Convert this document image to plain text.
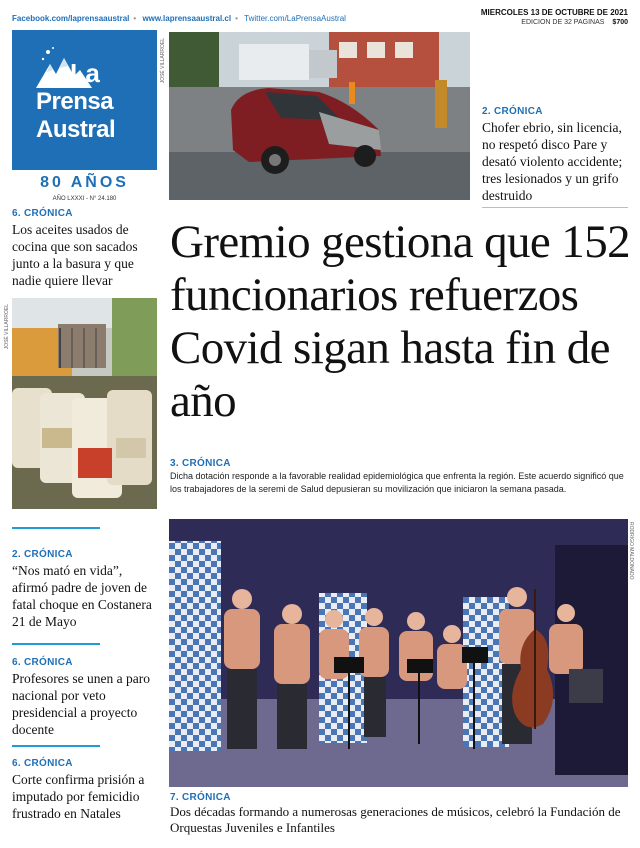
Facebook.com/laprensaaustral • www.laprensaaustral.cl • Twitter.com/LaPrensaAustral
MIERCOLES 13 DE OCTUBRE DE 2021
EDICION DE 32 PAGINAS $700
La
Prensa
Austral
80 AÑOS
AÑO LXXXI - N° 24.180
JOSÉ VILLARROEL
2. CRÓNICA
Chofer ebrio, sin licencia, no respetó disco Pare y desató violento accidente; tres lesionados y un grifo destruido
6. CRÓNICA
Los aceites usados de cocina que son sacados junto a la basura y que nadie quiere llevar
JOSÉ VILLARROEL
Gremio gestiona que 152 funcionarios refuerzos Covid sigan hasta fin de año
3. CRÓNICA
Dicha dotación responde a la favorable realidad epidemiológica que enfrenta la región. Este acuerdo significó que los trabajadores de la seremi de Salud depusieran su movilización que iniciaron la semana pasada.
2. CRÓNICA
“Nos mató en vida”, afirmó padre de joven de fatal choque en Costanera 21 de Mayo
6. CRÓNICA
Profesores se unen a paro nacional por veto presidencial a proyecto docente
6. CRÓNICA
Corte confirma prisión a imputado por femicidio frustrado en Natales
RODRIGO MALDONADO
7. CRÓNICA
Dos décadas formando a numerosas generaciones de músicos, celebró la Fundación de Orquestas Juveniles e Infantiles
